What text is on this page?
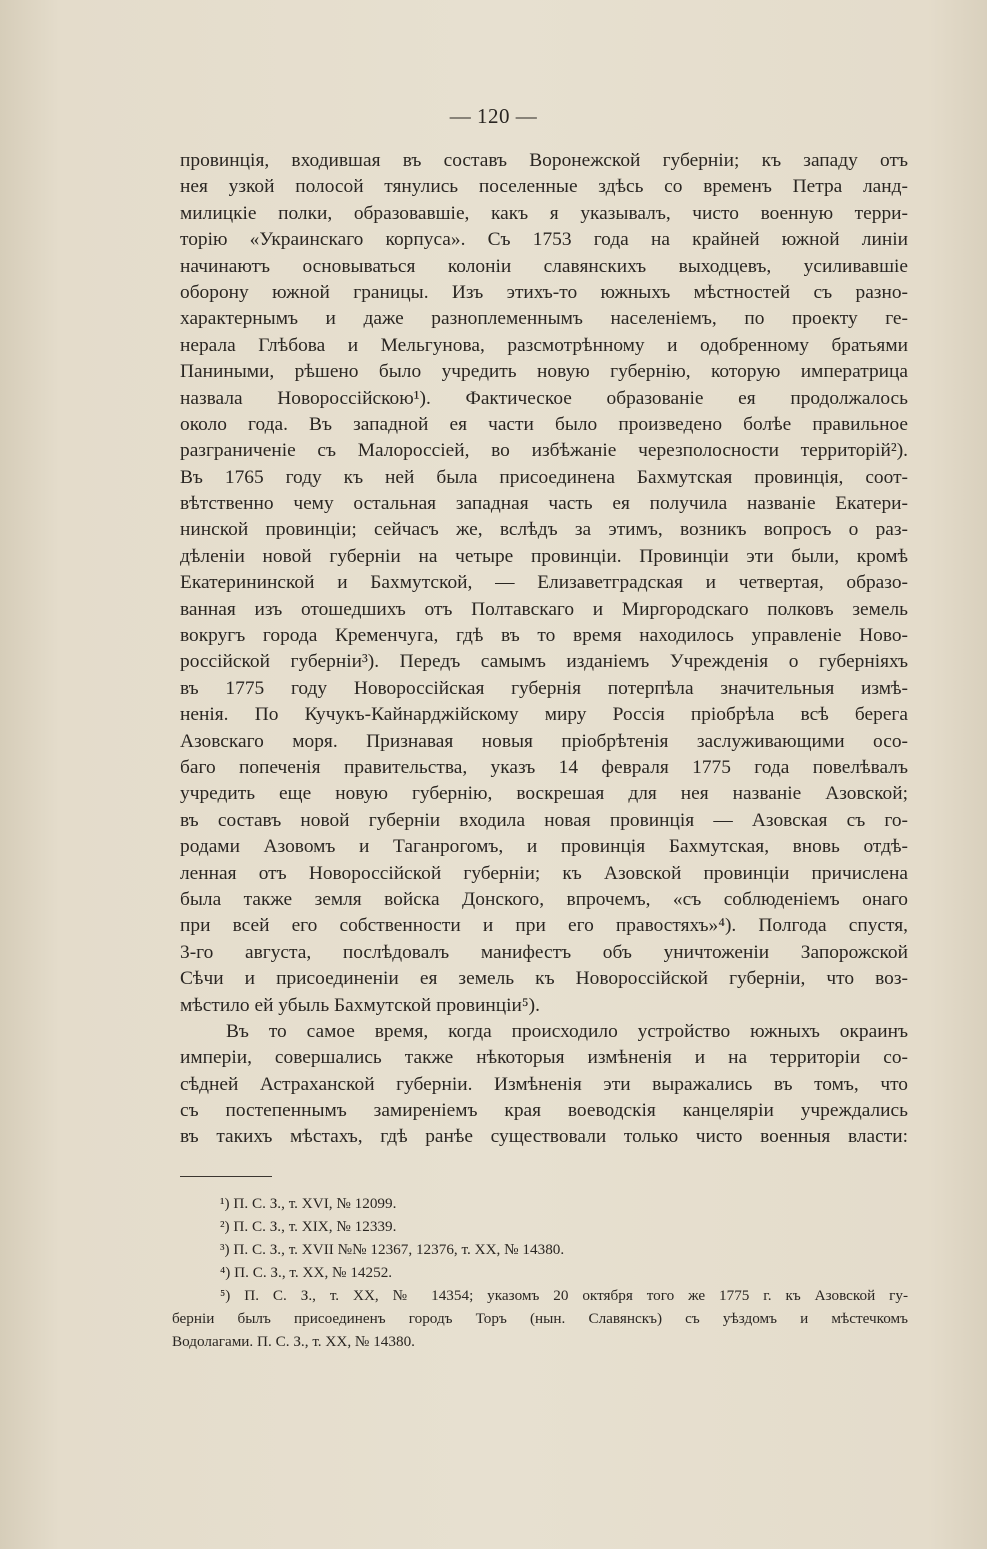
— 120 —
провинція, входившая въ составъ Воронежской губерніи; къ западу отъ
нея узкой полосой тянулись поселенные здѣсь со временъ Петра ланд-
милицкіе полки, образовавшіе, какъ я указывалъ, чисто военную терри-
торію «Украинскаго корпуса». Съ 1753 года на крайней южной линіи
начинаютъ основываться колоніи славянскихъ выходцевъ, усиливавшіе
оборону южной границы. Изъ этихъ-то южныхъ мѣстностей съ разно-
характернымъ и даже разноплеменнымъ населеніемъ, по проекту ге-
нерала Глѣбова и Мельгунова, разсмотрѣнному и одобренному братьями
Паниными, рѣшено было учредить новую губернію, которую императрица
назвала Новороссійскою¹). Фактическое образованіе ея продолжалось
около года. Въ западной ея части было произведено болѣе правильное
разграниченіе съ Малороссіей, во избѣжаніе черезполосности территорій²).
Въ 1765 году къ ней была присоединена Бахмутская провинція, соот-
вѣтственно чему остальная западная часть ея получила названіе Екатери-
нинской провинціи; сейчасъ же, вслѣдъ за этимъ, возникъ вопросъ о раз-
дѣленіи новой губерніи на четыре провинціи. Провинціи эти были, кромѣ
Екатерининской и Бахмутской, — Елизаветградская и четвертая, образо-
ванная изъ отошедшихъ отъ Полтавскаго и Миргородскаго полковъ земель
вокругъ города Кременчуга, гдѣ въ то время находилось управленіе Ново-
россійской губерніи³). Передъ самымъ изданіемъ Учрежденія о губерніяхъ
въ 1775 году Новороссійская губернія потерпѣла значительныя измѣ-
ненія. По Кучукъ-Кайнарджійскому миру Россія пріобрѣла всѣ берега
Азовскаго моря. Признавая новыя пріобрѣтенія заслуживающими осо-
баго попеченія правительства, указъ 14 февраля 1775 года повелѣвалъ
учредить еще новую губернію, воскрешая для нея названіе Азовской;
въ составъ новой губерніи входила новая провинція — Азовская съ го-
родами Азовомъ и Таганрогомъ, и провинція Бахмутская, вновь отдѣ-
ленная отъ Новороссійской губерніи; къ Азовской провинціи причислена
была также земля войска Донского, впрочемъ, «съ соблюденіемъ онаго
при всей его собственности и при его правостяхъ»⁴). Полгода спустя,
3-го августа, послѣдовалъ манифестъ объ уничтоженіи Запорожской
Сѣчи и присоединеніи ея земель къ Новороссійской губерніи, что воз-
мѣстило ей убыль Бахмутской провинціи⁵).
Въ то самое время, когда происходило устройство южныхъ окраинъ
имперіи, совершались также нѣкоторыя измѣненія и на территоріи со-
сѣдней Астраханской губерніи. Измѣненія эти выражались въ томъ, что
съ постепеннымъ замиреніемъ края воеводскія канцеляріи учреждались
въ такихъ мѣстахъ, гдѣ ранѣе существовали только чисто военныя власти:
¹) П. С. З., т. XVI, № 12099.
²) П. С. З., т. XIX, № 12339.
³) П. С. З., т. XVII №№ 12367, 12376, т. XX, № 14380.
⁴) П. С. З., т. XX, № 14252.
⁵) П. С. З., т. XX, № 14354; указомъ 20 октября того же 1775 г. къ Азовской гу-
берніи былъ присоединенъ городъ Торъ (нын. Славянскъ) съ уѣздомъ и мѣстечкомъ
Водолагами. П. С. З., т. XX, № 14380.
